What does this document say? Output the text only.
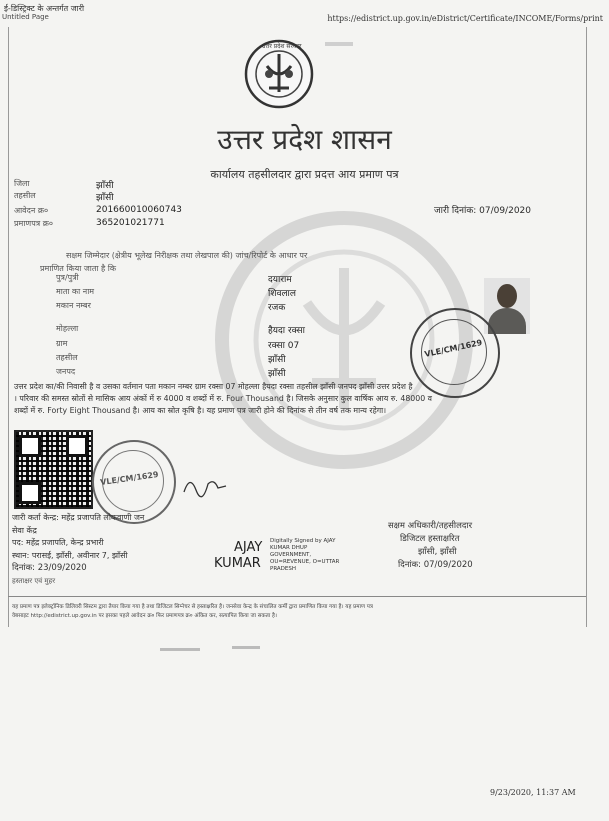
ई-डिस्ट्रिक्ट के अन्तर्गत जारी
Untitled Page	https://edistrict.up.gov.in/eDistrict/Certificate/INCOME/Forms/print
उत्तर प्रदेश सरकार
उत्तर प्रदेश शासन
कार्यालय तहसीलदार द्वारा प्रदत्त आय प्रमाण पत्र
जिला	झाँसी
तहसील	झाँसी
आवेदन क्र०	201660010060743
प्रमाणपत्र क्र०	365201021771
जारी दिनांक: 07/09/2020
सक्षम जिम्मेदार (क्षेत्रीय भूलेख निरीक्षक तथा लेखपाल की) जांच/रिपोर्ट के आधार पर
प्रमाणित किया जाता है कि
पुत्र/पुत्री	दयाराम
माता का नाम	शिवलाल
मकान नम्बर	रजक
मोहल्ला	हैयदा रक्सा
ग्राम	रक्सा 07
तहसील	झाँसी
जनपद	झाँसी
VLE/CM/1629
उत्तर प्रदेश का/की निवासी है व उसका वर्तमान पता मकान नम्बर ग्राम रक्सा 07 मोहल्ला हैयदा रक्सा तहसील झाँसी जनपद झाँसी उत्तर प्रदेश है
। परिवार की समस्त स्रोतों से मासिक आय अंकों में रु 4000 व शब्दों में रु. Four Thousand है। जिसके अनुसार कुल वार्षिक आय रु. 48000 व
शब्दों में रु. Forty Eight Thousand है। आय का स्रोत कृषि है। यह प्रमाण पत्र जारी होने की दिनांक से तीन वर्ष तक मान्य रहेगा।
VLE/CM/1629
जारी कर्ता केन्द्र: महेंद्र प्रजापति लोकवाणी जन
सेवा केंद्र
पद: महेंद्र प्रजापति, केन्द्र प्रभारी
स्थान: परासई, झाँसी, अवीनार 7, झाँसी
दिनांक: 23/09/2020
हस्ताक्षर एवं मुहर
AJAY
KUMAR
Digitally Signed by AJAY
KUMAR DHUP
GOVERNMENT,
OU=REVENUE, O=UTTAR
PRADESH
सक्षम अधिकारी/तहसीलदार
डिजिटल हस्ताक्षरित
झाँसी, झाँसी
दिनांक: 07/09/2020
यह प्रमाण पत्र इलेक्ट्रॉनिक डिलिवरी सिस्टम द्वारा तैयार किया गया है तथा डिजिटल सिग्नेचर से हस्ताक्षरित है। जनसेवा केन्द्र के संचालित कर्मी द्वारा प्रमाणित किया गया है। यह प्रमाण पत्र
वेबसाइट http://edistrict.up.gov.in पर इसका पहले आवेदन क्र० फिर प्रमाणपत्र क्र० अंकित कर, सत्यापित किया जा सकता है।
9/23/2020, 11:37 AM
